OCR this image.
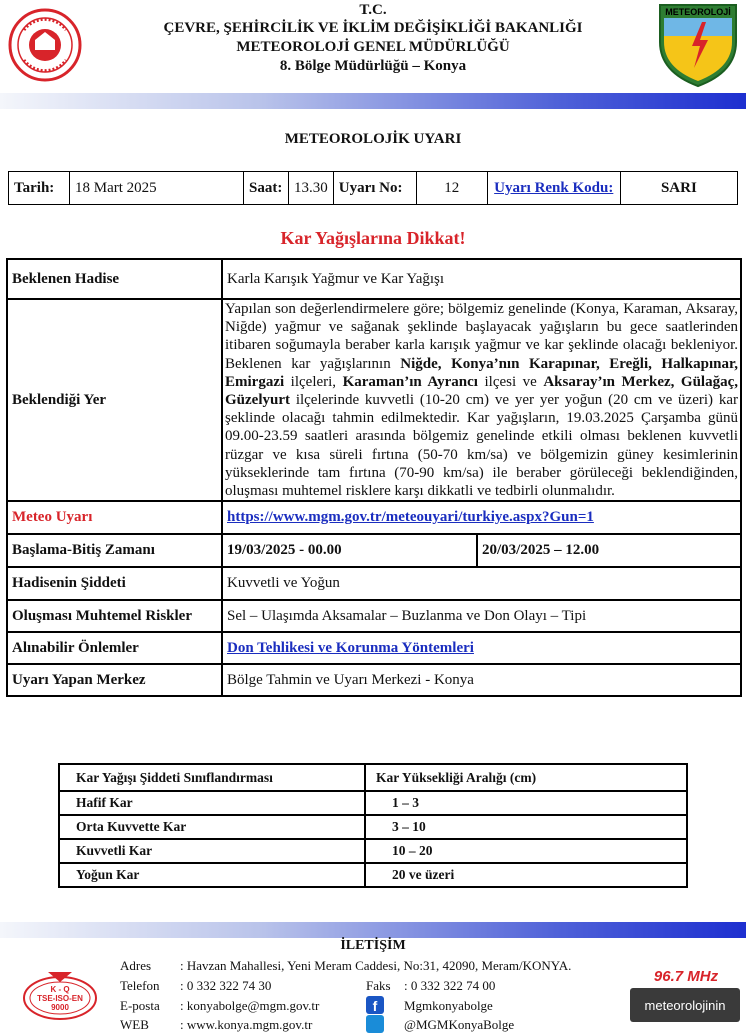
T.C.
ÇEVRE, ŞEHİRCİLİK VE İKLİM DEĞİŞİKLİĞİ BAKANLIĞI
METEOROLOJİ GENEL MÜDÜRLÜĞÜ
8. Bölge Müdürlüğü – Konya
METEOROLOJİ
METEOROLOJİK UYARI
Tarih:	18 Mart 2025	Saat:	13.30	Uyarı No:	12	Uyarı Renk Kodu:	SARI
Kar Yağışlarına Dikkat!
Beklenen Hadise	Karla Karışık Yağmur ve Kar Yağışı	
Beklendiği Yer	Yapılan son değerlendirmelere göre; bölgemiz genelinde (Konya, Karaman, Aksaray, Niğde) yağmur ve sağanak şeklinde başlayacak yağışların bu gece saatlerinden itibaren soğumayla beraber karla karışık yağmur ve kar şeklinde olacağı bekleniyor. Beklenen kar yağışlarının Niğde, Konya’nın Karapınar, Ereğli, Halkapınar, Emirgazi ilçeleri, Karaman’ın Ayrancı ilçesi ve Aksaray’ın Merkez, Gülağaç, Güzelyurt ilçelerinde kuvvetli (10-20 cm) ve yer yer yoğun (20 cm ve üzeri) kar şeklinde olacağı tahmin edilmektedir. Kar yağışların, 19.03.2025 Çarşamba günü 09.00-23.59 saatleri arasında bölgemiz genelinde etkili olması beklenen kuvvetli rüzgar ve kısa süreli fırtına (50-70 km/sa) ve bölgemizin güney kesimlerinin yükseklerinde tam fırtına (70-90 km/sa) ile beraber görüleceği beklendiğinden, oluşması muhtemel risklere karşı dikkatli ve tedbirli olunmalıdır.	
Meteo Uyarı	https://www.mgm.gov.tr/meteouyari/turkiye.aspx?Gun=1	
Başlama-Bitiş Zamanı	19/03/2025 - 00.00	20/03/2025 – 12.00
Hadisenin Şiddeti	Kuvvetli ve Yoğun	
Oluşması Muhtemel Riskler	Sel – Ulaşımda Aksamalar – Buzlanma ve Don Olayı – Tipi	
Alınabilir Önlemler	Don Tehlikesi ve Korunma Yöntemleri	
Uyarı Yapan Merkez	Bölge Tahmin ve Uyarı Merkezi - Konya	
Kar Yağışı Şiddeti Sınıflandırması	Kar Yüksekliği Aralığı (cm)
Hafif Kar	1 – 3
Orta Kuvvette Kar	3 – 10
Kuvvetli Kar	10 – 20
Yoğun Kar	20 ve üzeri
İLETİŞİM
K - Q
TSE-ISO-EN
9000
Adres : Havzan Mahallesi, Yeni Meram Caddesi, No:31, 42090, Meram/KONYA.
Telefon : 0 332 322 74 30	Faks : 0 332 322 74 00
E-posta : konyabolge@mgm.gov.tr	f	Mgmkonyabolge
WEB : www.konya.mgm.gov.tr	@MGMKonyaBolge
96.7 MHz
meteorolojinin
